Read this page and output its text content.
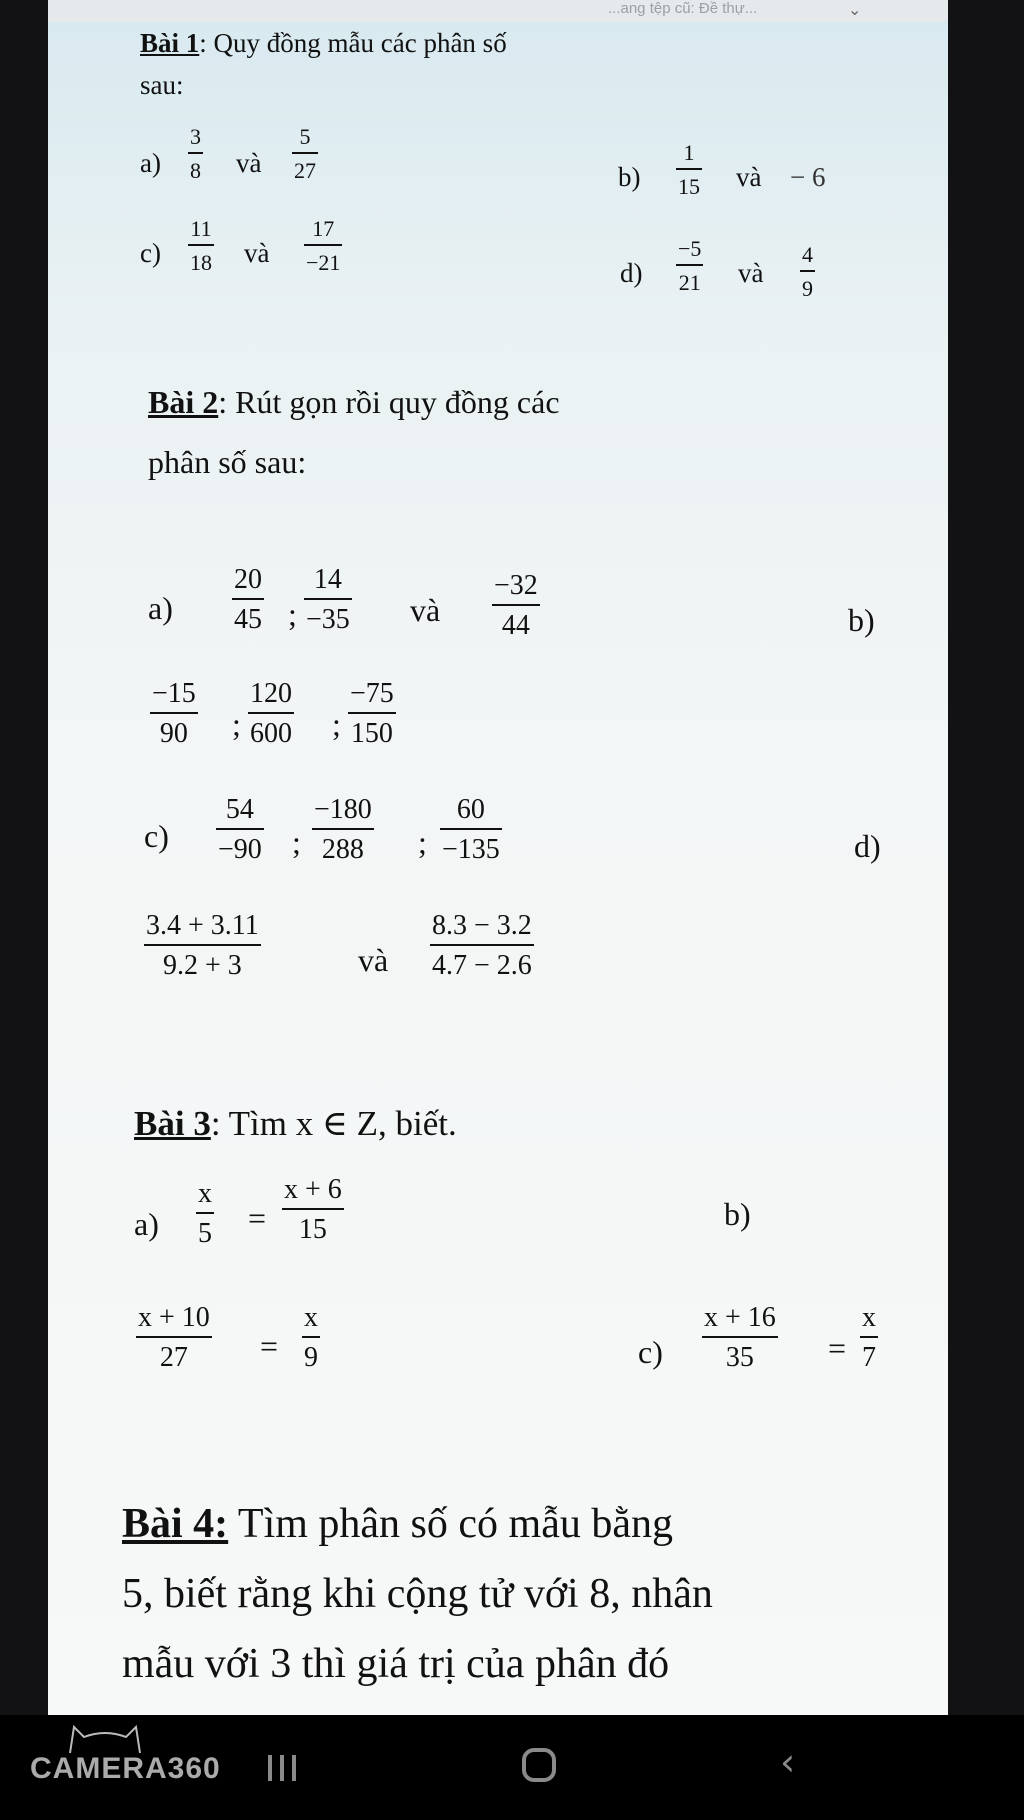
...ang tệp cũ: Đề thự...	⌄
Bài 1: Quy đồng mẫu các phân số
sau:
a)
3
8 và
5
27	b)
1
15 và − 6
c)
11
18 và
17
−21	d)
−5
21 và
4
9
Bài 2: Rút gọn rồi quy đồng các
phân số sau:
a)
20
45 ;
14
−35 và
−32
44	b)
−15
90 ;
120
600 ;
−75
150
c)
54
−90 ;
−180
288 ;
60
−135	d)
3.4 + 3.11
9.2 + 3	và
8.3 − 3.2
4.7 − 2.6
Bài 3: Tìm x ∈ Z, biết.
a)
x
5 =
x + 6
15	b)
x + 10
27 =
x
9	c)
x + 16
35 =
x
7
Bài 4: Tìm phân số có mẫu bằng
5, biết rằng khi cộng tử với 8, nhân
mẫu với 3 thì giá trị của phân đó
CAMERA360	‹
